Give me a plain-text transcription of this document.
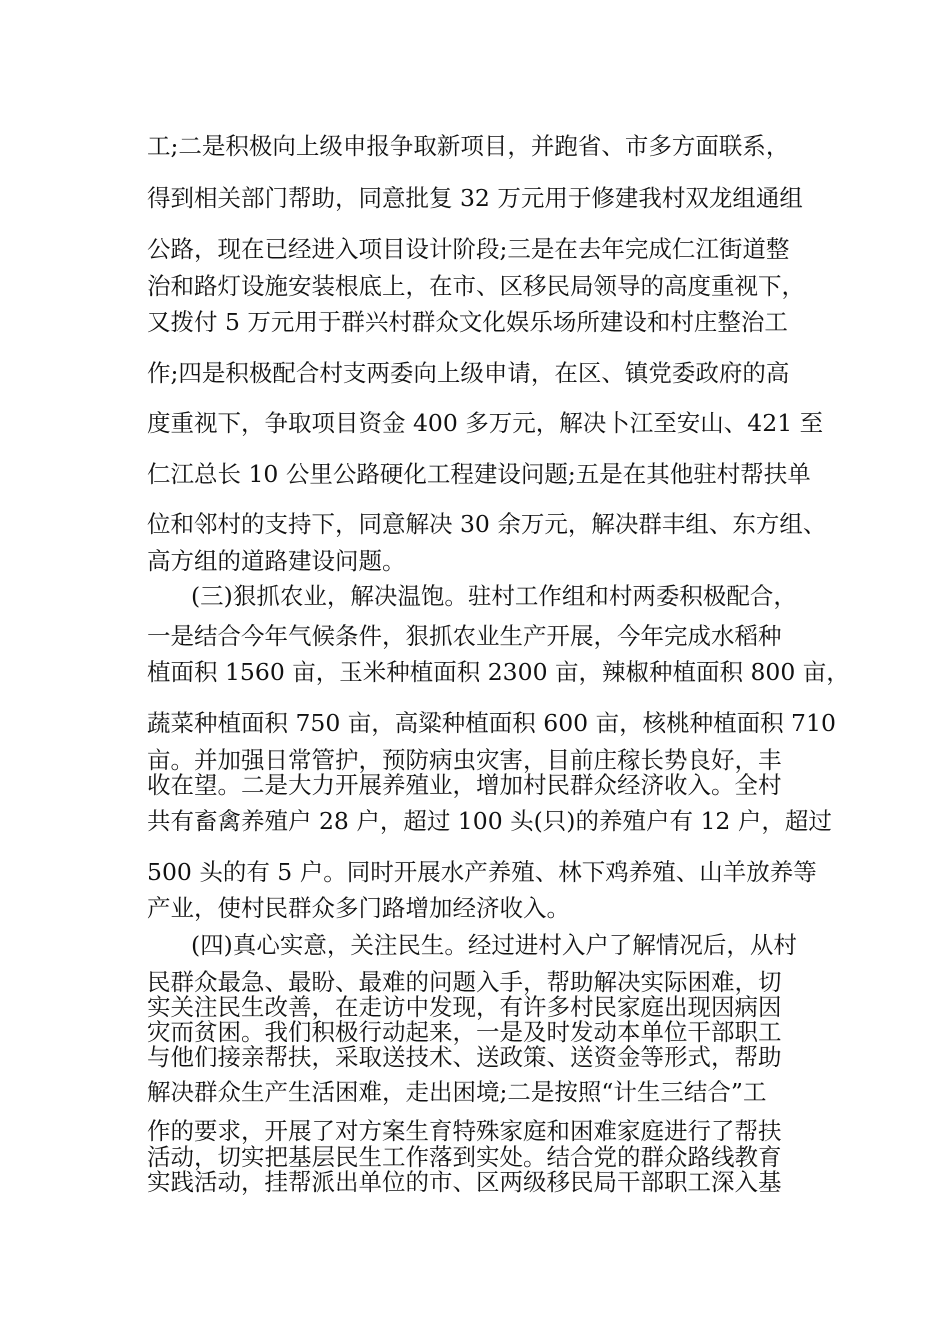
工;二是积极向上级申报争取新项目，并跑省、市多方面联系，
得到相关部门帮助，同意批复 32 万元用于修建我村双龙组通组
公路，现在已经进入项目设计阶段;三是在去年完成仁江街道整
治和路灯设施安装根底上，在市、区移民局领导的高度重视下，
又拨付 5 万元用于群兴村群众文化娱乐场所建设和村庄整治工
作;四是积极配合村支两委向上级申请，在区、镇党委政府的高
度重视下，争取项目资金 400 多万元，解决卜江至安山、421 至
仁江总长 10 公里公路硬化工程建设问题;五是在其他驻村帮扶单
位和邻村的支持下，同意解决 30 余万元，解决群丰组、东方组、
高方组的道路建设问题。
(三)狠抓农业，解决温饱。驻村工作组和村两委积极配合，
一是结合今年气候条件，狠抓农业生产开展，今年完成水稻种
植面积 1560 亩，玉米种植面积 2300 亩，辣椒种植面积 800 亩，
蔬菜种植面积 750 亩，高粱种植面积 600 亩，核桃种植面积 710
亩。并加强日常管护，预防病虫灾害，目前庄稼长势良好，丰
收在望。二是大力开展养殖业，增加村民群众经济收入。全村
共有畜禽养殖户 28 户，超过 100 头(只)的养殖户有 12 户，超过
500 头的有 5 户。同时开展水产养殖、林下鸡养殖、山羊放养等
产业，使村民群众多门路增加经济收入。
(四)真心实意，关注民生。经过进村入户了解情况后，从村
民群众最急、最盼、最难的问题入手，帮助解决实际困难，切
实关注民生改善，在走访中发现，有许多村民家庭出现因病因
灾而贫困。我们积极行动起来，一是及时发动本单位干部职工
与他们接亲帮扶，采取送技术、送政策、送资金等形式，帮助
解决群众生产生活困难，走出困境;二是按照“计生三结合”工
作的要求，开展了对方案生育特殊家庭和困难家庭进行了帮扶
活动，切实把基层民生工作落到实处。结合党的群众路线教育
实践活动，挂帮派出单位的市、区两级移民局干部职工深入基
